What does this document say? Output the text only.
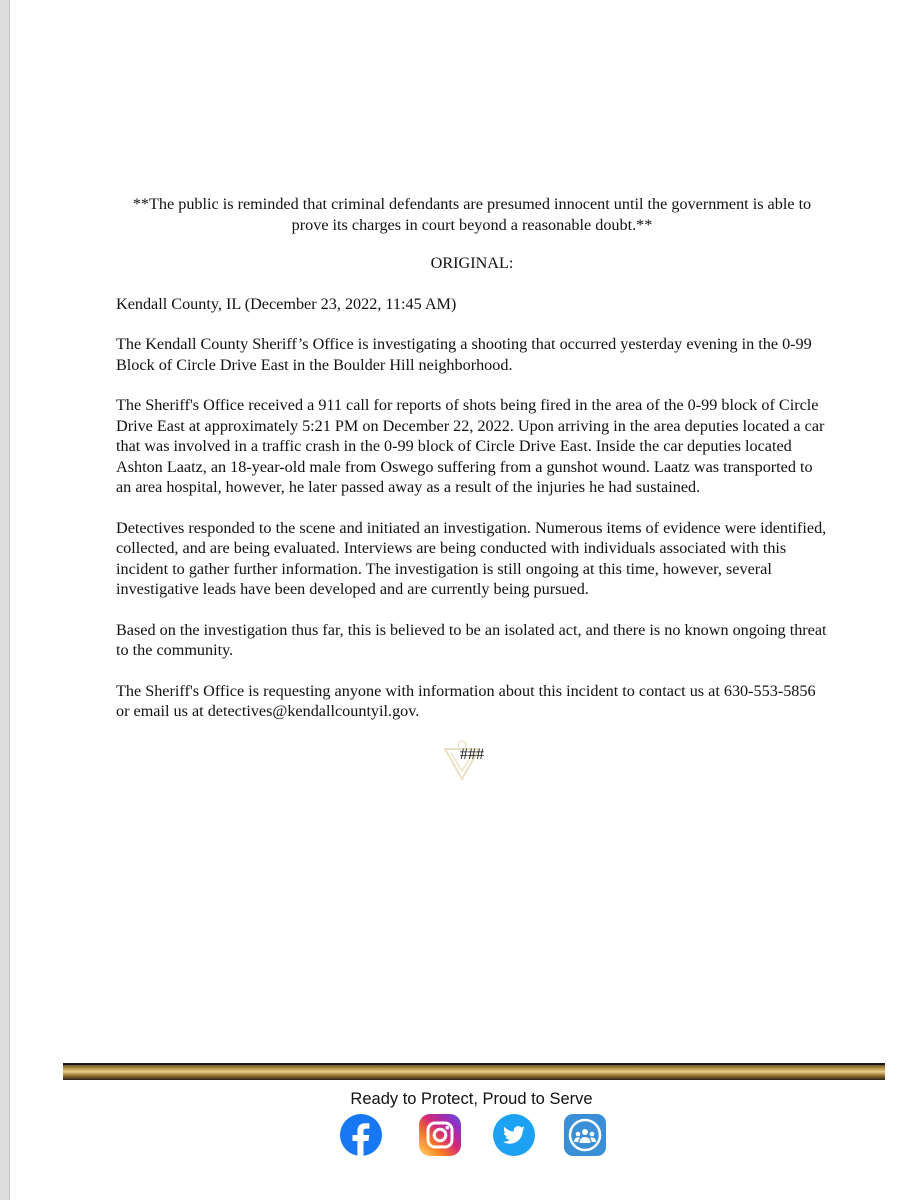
**The public is reminded that criminal defendants are presumed innocent until the government is able to prove its charges in court beyond a reasonable doubt.**

ORIGINAL:

Kendall County, IL (December 23, 2022, 11:45 AM)

The Kendall County Sheriff’s Office is investigating a shooting that occurred yesterday evening in the 0-99 Block of Circle Drive East in the Boulder Hill neighborhood.

The Sheriff's Office received a 911 call for reports of shots being fired in the area of the 0-99 block of Circle Drive East at approximately 5:21 PM on December 22, 2022. Upon arriving in the area deputies located a car that was involved in a traffic crash in the 0-99 block of Circle Drive East. Inside the car deputies located Ashton Laatz, an 18-year-old male from Oswego suffering from a gunshot wound. Laatz was transported to an area hospital, however, he later passed away as a result of the injuries he had sustained.

Detectives responded to the scene and initiated an investigation. Numerous items of evidence were identified, collected, and are being evaluated. Interviews are being conducted with individuals associated with this incident to gather further information. The investigation is still ongoing at this time, however, several investigative leads have been developed and are currently being pursued.

Based on the investigation thus far, this is believed to be an isolated act, and there is no known ongoing threat to the community.

The Sheriff's Office is requesting anyone with information about this incident to contact us at 630-553-5856 or email us at detectives@kendallcountyil.gov.

###

Ready to Protect, Proud to Serve
